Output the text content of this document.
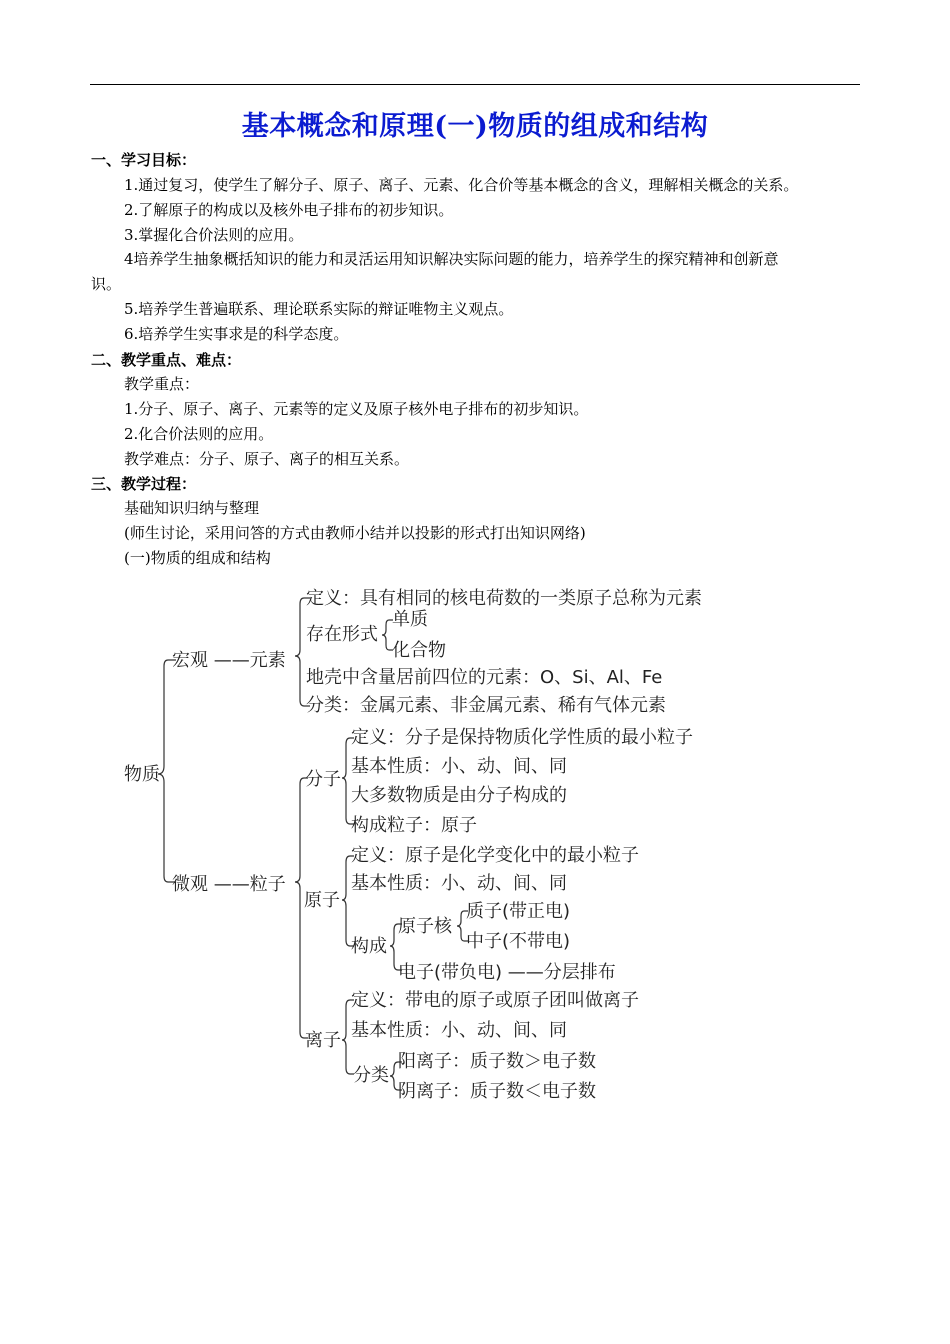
基本概念和原理(一)物质的组成和结构
一、学习目标：
1.通过复习，使学生了解分子、原子、离子、元素、化合价等基本概念的含义，理解相关概念的关系。
2.了解原子的构成以及核外电子排布的初步知识。
3.掌握化合价法则的应用。
4培养学生抽象概括知识的能力和灵活运用知识解决实际问题的能力，培养学生的探究精神和创新意
识。
5.培养学生普遍联系、理论联系实际的辩证唯物主义观点。
6.培养学生实事求是的科学态度。
二、教学重点、难点：
教学重点：
1.分子、原子、离子、元素等的定义及原子核外电子排布的初步知识。
2.化合价法则的应用。
教学难点：分子、原子、离子的相互关系。
三、教学过程：
基础知识归纳与整理
(师生讨论，采用问答的方式由教师小结并以投影的形式打出知识网络)
(一)物质的组成和结构
物质
宏观 ——元素
微观 ——粒子
定义：具有相同的核电荷数的一类原子总称为元素
存在形式
单质
化合物
地壳中含量居前四位的元素：O、Si、Al、Fe
分类：金属元素、非金属元素、稀有气体元素
分子
定义：分子是保持物质化学性质的最小粒子
基本性质：小、动、间、同
大多数物质是由分子构成的
构成粒子：原子
原子
定义：原子是化学变化中的最小粒子
基本性质：小、动、间、同
构成
原子核
质子(带正电)
中子(不带电)
电子(带负电) ——分层排布
离子
定义：带电的原子或原子团叫做离子
基本性质：小、动、间、同
分类
阳离子：质子数＞电子数
阴离子：质子数＜电子数
